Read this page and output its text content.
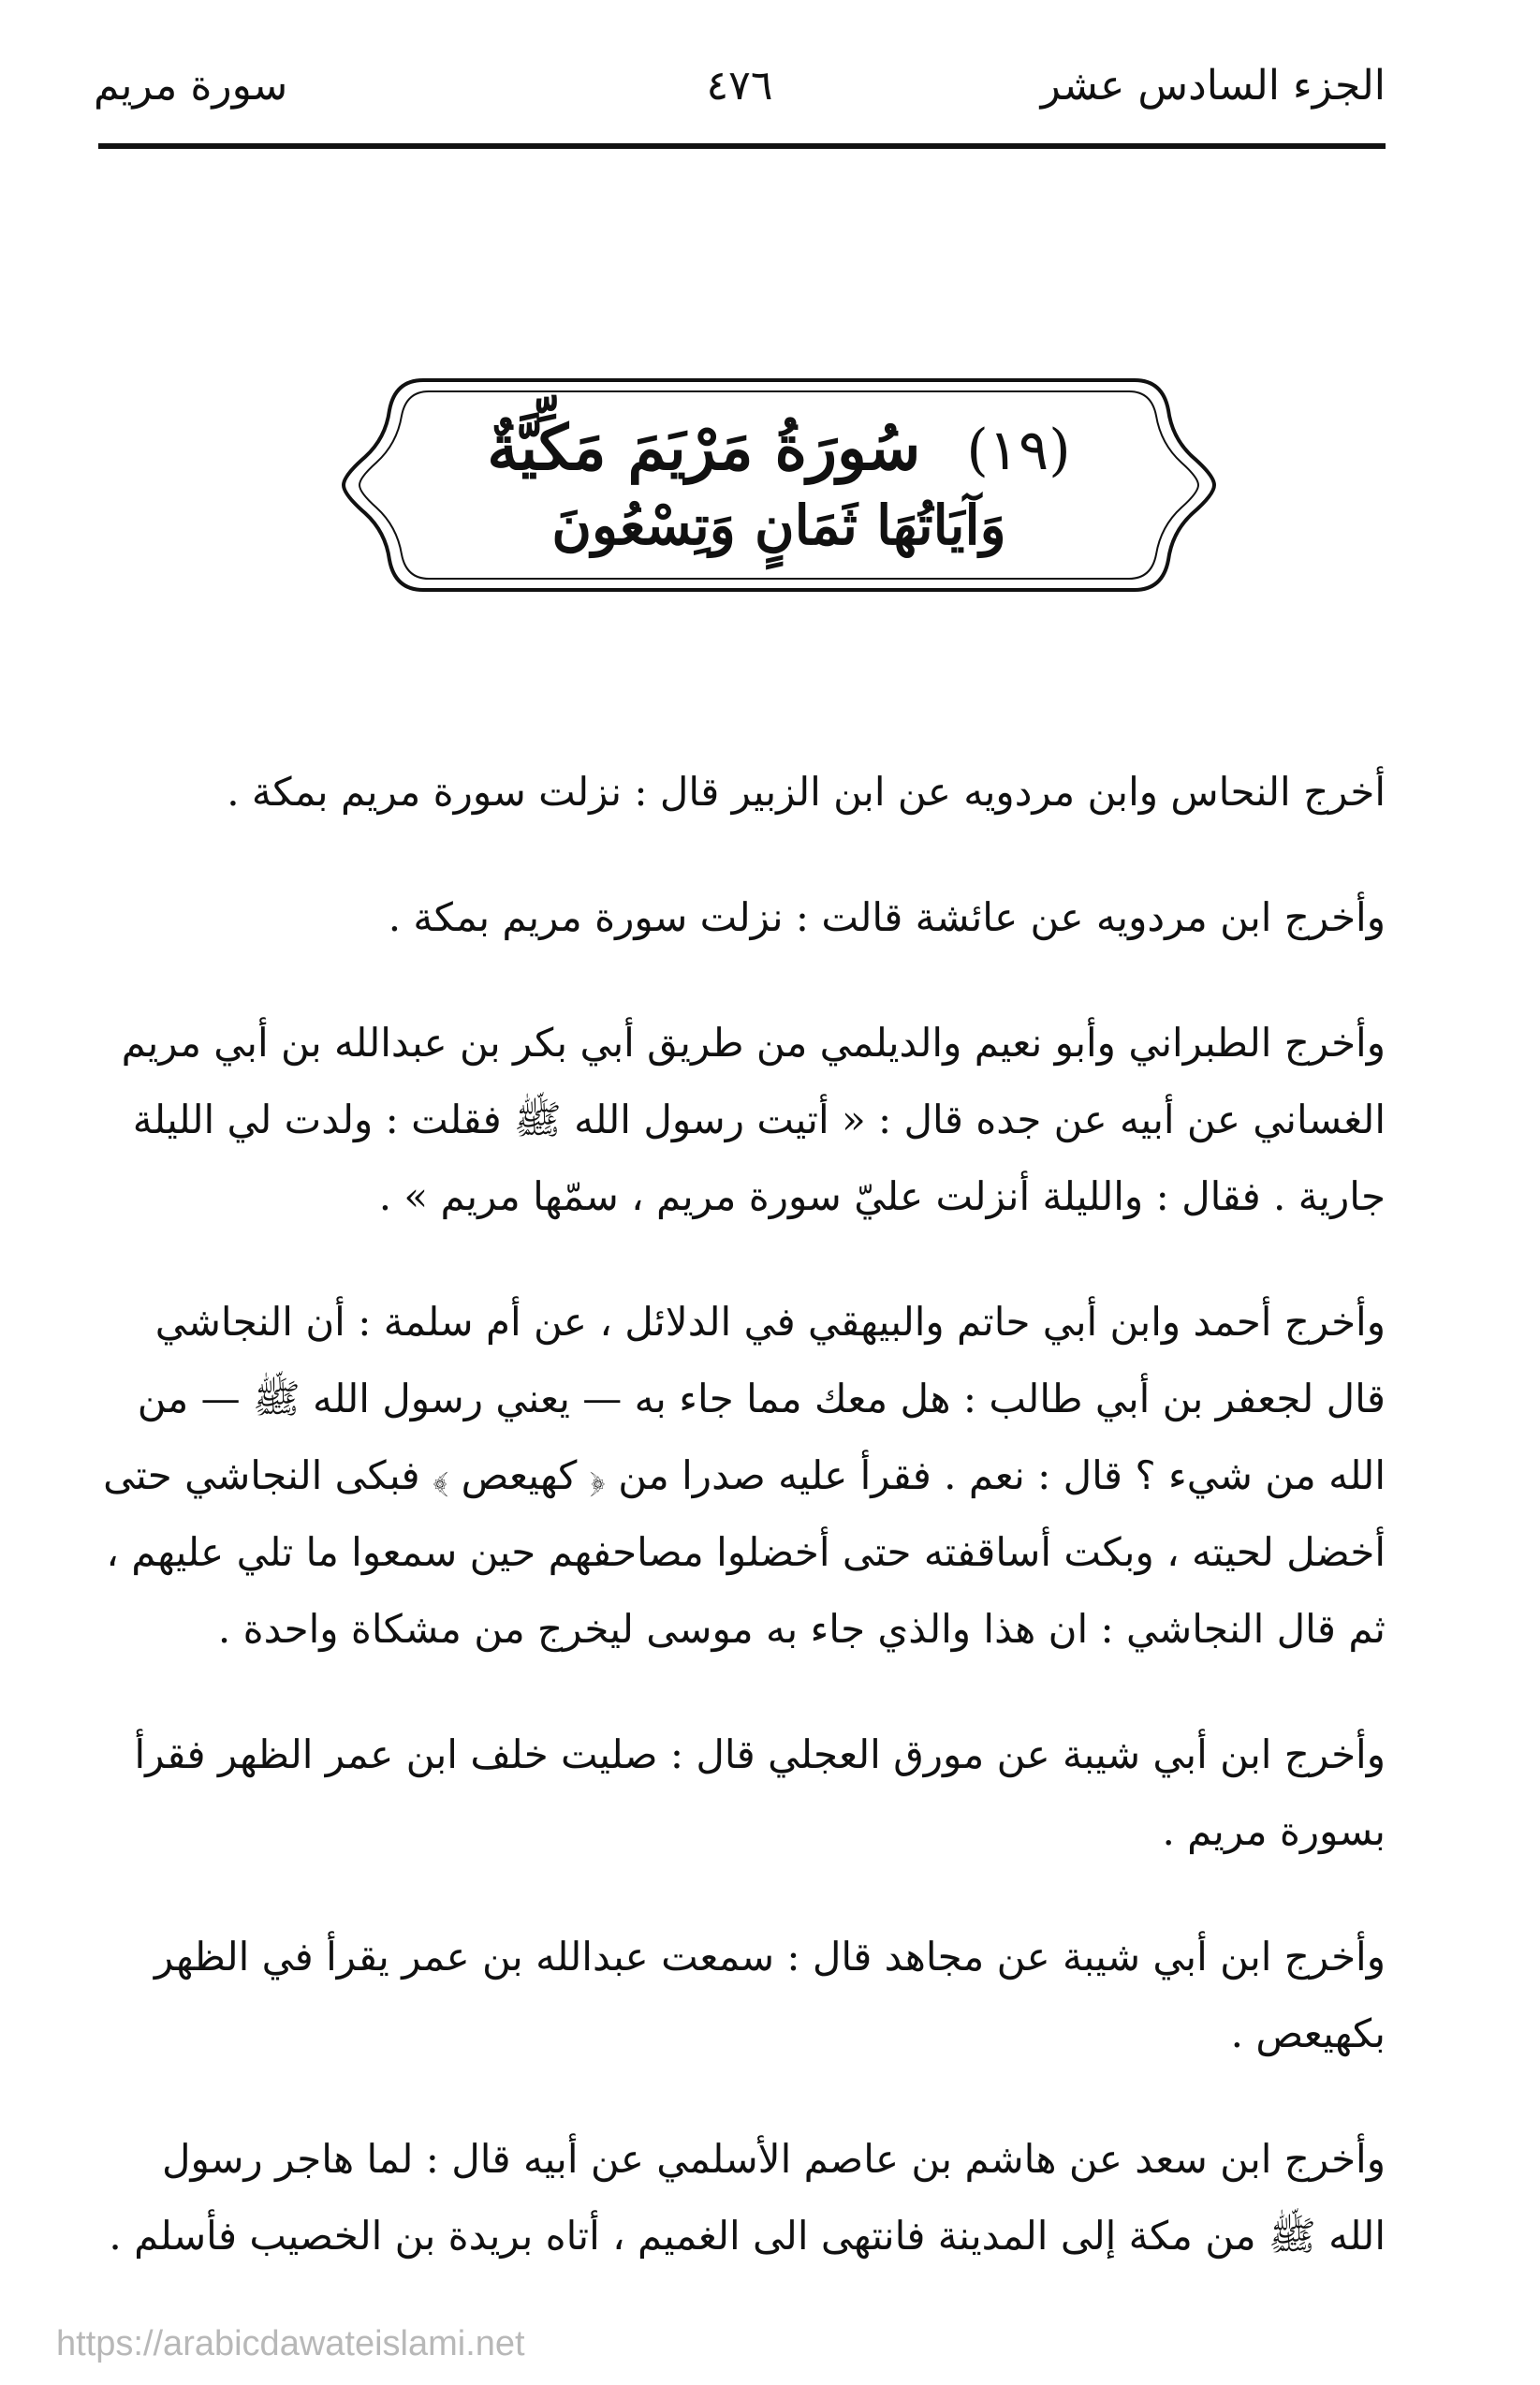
الجزء السادس عشر
٤٧٦
سورة مريم
(١٩) سُورَةُ مَرْيَمَ مَكِّيَّةٌ
وَآيَاتُهَا ثَمَانٍ وَتِسْعُونَ

أخرج النحاس وابن مردويه عن ابن الزبير قال : نزلت سورة مريم بمكة .

وأخرج ابن مردويه عن عائشة قالت : نزلت سورة مريم بمكة .

وأخرج الطبراني وأبو نعيم والديلمي من طريق أبي بكر بن عبدالله بن أبي مريم الغساني عن أبيه عن جده قال : « أتيت رسول الله ﷺ فقلت : ولدت لي الليلة جارية . فقال : والليلة أنزلت عليّ سورة مريم ، سمّها مريم » .

وأخرج أحمد وابن أبي حاتم والبيهقي في الدلائل ، عن أم سلمة : أن النجاشي قال لجعفر بن أبي طالب : هل معك مما جاء به — يعني رسول الله ﷺ — من الله من شيء ؟ قال : نعم . فقرأ عليه صدرا من ﴿ كهيعص ﴾ فبكى النجاشي حتى أخضل لحيته ، وبكت أساقفته حتى أخضلوا مصاحفهم حين سمعوا ما تلي عليهم ، ثم قال النجاشي : ان هذا والذي جاء به موسى ليخرج من مشكاة واحدة .

وأخرج ابن أبي شيبة عن مورق العجلي قال : صليت خلف ابن عمر الظهر فقرأ بسورة مريم .

وأخرج ابن أبي شيبة عن مجاهد قال : سمعت عبدالله بن عمر يقرأ في الظهر بكهيعص .

وأخرج ابن سعد عن هاشم بن عاصم الأسلمي عن أبيه قال : لما هاجر رسول الله ﷺ من مكة إلى المدينة فانتهى الى الغميم ، أتاه بريدة بن الخصيب فأسلم .

https://arabicdawateislami.net
